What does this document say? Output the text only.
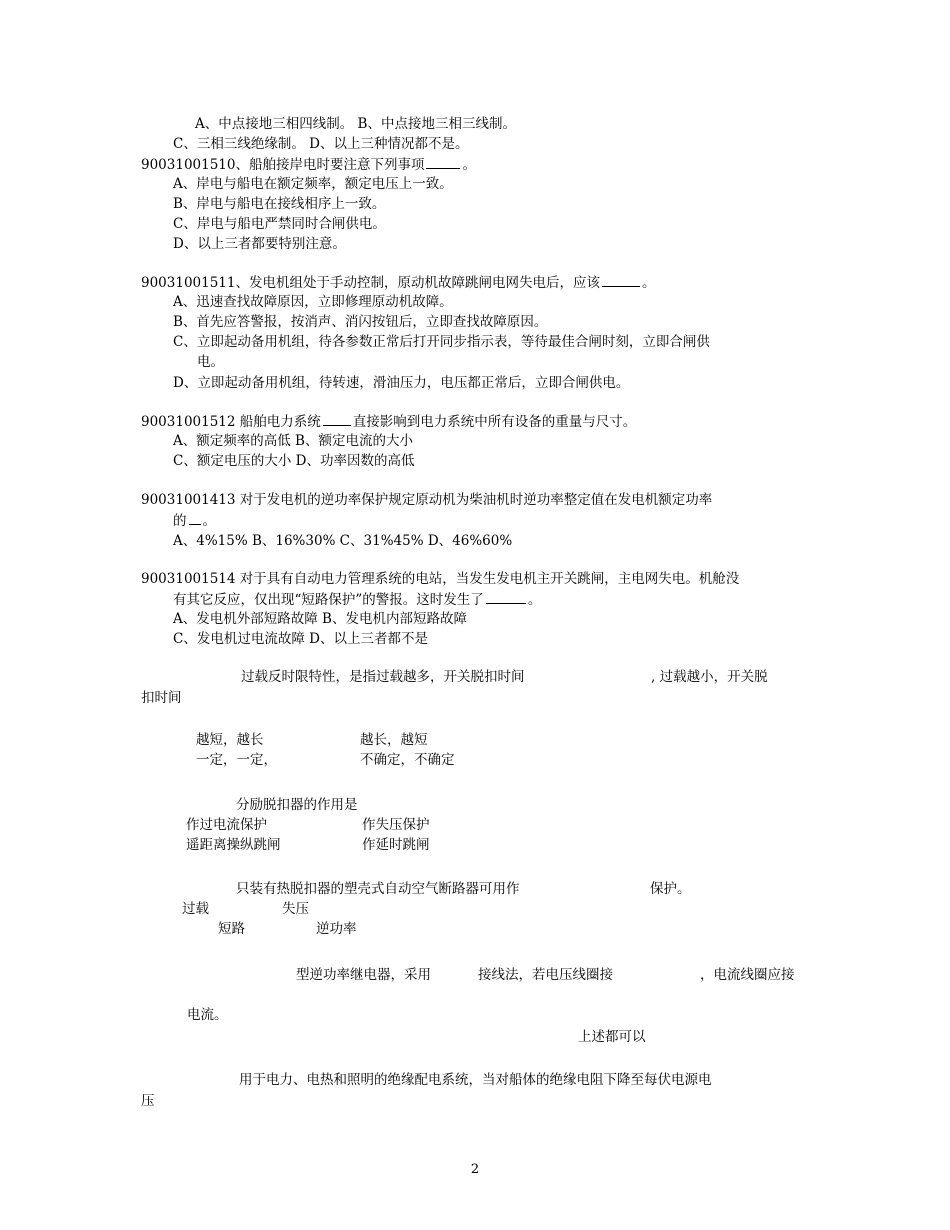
A、中点接地三相四线制。 B、中点接地三相三线制。
C、三相三线绝缘制。 D、以上三种情况都不是。
90031001510、船舶接岸电时要注意下列事项	。
A、岸电与船电在额定频率，额定电压上一致。
B、岸电与船电在接线相序上一致。
C、岸电与船电严禁同时合闸供电。
D、以上三者都要特别注意。
90031001511、发电机组处于手动控制，原动机故障跳闸电网失电后，应该	。
A、迅速查找故障原因，立即修理原动机故障。
B、首先应答警报，按消声、消闪按钮后，立即查找故障原因。
C、立即起动备用机组，待各参数正常后打开同步指示表，等待最佳合闸时刻，立即合闸供
电。
D、立即起动备用机组，待转速，滑油压力，电压都正常后，立即合闸供电。
90031001512 船舶电力系统 直接影响到电力系统中所有设备的重量与尺寸。
A、额定频率的高低 B、额定电流的大小
C、额定电压的大小 D、功率因数的高低
90031001413 对于发电机的逆功率保护规定原动机为柴油机时逆功率整定值在发电机额定功率
的 。
A、4%15% B、16%30% C、31%45% D、46%60%
90031001514 对于具有自动电力管理系统的电站，当发生发电机主开关跳闸，主电网失电。机舱没
有其它反应，仅出现“短路保护”的警报。这时发生了	。
A、发电机外部短路故障 B、发电机内部短路故障
C、发电机过电流故障 D、以上三者都不是
过载反时限特性，是指过载越多，开关脱扣时间	, 过载越小，开关脱
扣时间
越短，越长	越长，越短
一定，一定，	不确定，不确定
分励脱扣器的作用是
作过电流保护	作失压保护
遥距离操纵跳闸	作延时跳闸
只装有热脱扣器的塑壳式自动空气断路器可用作	保护。
过载	失压
短路	逆功率
型逆功率继电器，采用	接线法，若电压线圈接	，电流线圈应接
电流。
上述都可以
用于电力、电热和照明的绝缘配电系统，当对船体的绝缘电阻下降至每伏电源电
压
2
